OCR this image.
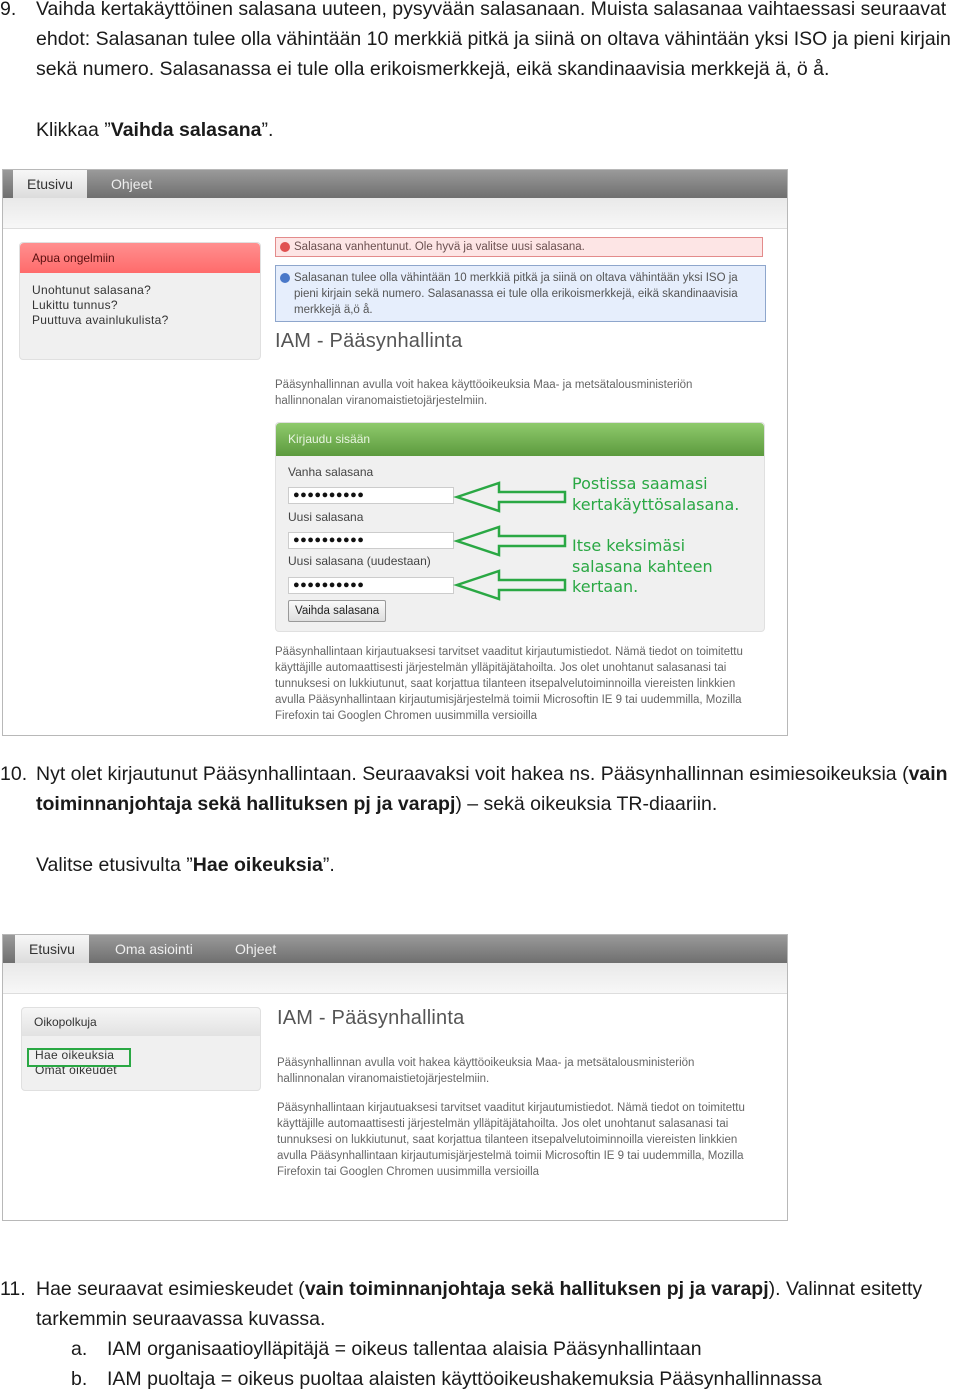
9. Vaihda kertakäyttöinen salasana uuteen, pysyvään salasanaan. Muista salasanaa vaihtaessasi seuraavat
ehdot: Salasanan tulee olla vähintään 10 merkkiä pitkä ja siinä on oltava vähintään yksi ISO ja pieni kirjain
sekä numero. Salasanassa ei tule olla erikoismerkkejä, eikä skandinaavisia merkkejä ä, ö å.
Klikkaa ”Vaihda salasana”.
Etusivu	Ohjeet
Apua ongelmiin
Unohtunut salasana?
Lukittu tunnus?
Puuttuva avainlukulista?
Salasana vanhentunut. Ole hyvä ja valitse uusi salasana.
Salasanan tulee olla vähintään 10 merkkiä pitkä ja siinä on oltava vähintään yksi ISO ja pieni kirjain sekä numero. Salasanassa ei tule olla erikoismerkkejä, eikä skandinaavisia merkkejä ä,ö å.
IAM - Pääsynhallinta
Pääsynhallinnan avulla voit hakea käyttöoikeuksia Maa- ja metsätalousministeriön hallinnonalan viranomaistietojärjestelmiin.
Kirjaudu sisään
Vanha salasana
●●●●●●●●●●
Uusi salasana
●●●●●●●●●●
Uusi salasana (uudestaan)
●●●●●●●●●●
Vaihda salasana
Postissa saamasi kertakäyttösalasana.
Itse keksimäsi salasana kahteen kertaan.
Pääsynhallintaan kirjautuaksesi tarvitset vaaditut kirjautumistiedot. Nämä tiedot on toimitettu käyttäjille automaattisesti järjestelmän ylläpitäjätahoilta. Jos olet unohtanut salasanasi tai tunnuksesi on lukkiutunut, saat korjattua tilanteen itsepalvelutoiminnoilla viereisten linkkien avulla Pääsynhallintaan kirjautumisjärjestelmä toimii Microsoftin IE 9 tai uudemmilla, Mozilla Firefoxin tai Googlen Chromen uusimmilla versioilla
10. Nyt olet kirjautunut Pääsynhallintaan. Seuraavaksi voit hakea ns. Pääsynhallinnan esimiesoikeuksia (vain
toiminnanjohtaja sekä hallituksen pj ja varapj) – sekä oikeuksia TR-diaariin.
Valitse etusivulta ”Hae oikeuksia”.
Etusivu	Oma asiointi	Ohjeet
Oikopolkuja
Hae oikeuksia
Omat oikeudet
IAM - Pääsynhallinta
Pääsynhallinnan avulla voit hakea käyttöoikeuksia Maa- ja metsätalousministeriön hallinnonalan viranomaistietojärjestelmiin.
Pääsynhallintaan kirjautuaksesi tarvitset vaaditut kirjautumistiedot. Nämä tiedot on toimitettu käyttäjille automaattisesti järjestelmän ylläpitäjätahoilta. Jos olet unohtanut salasanasi tai tunnuksesi on lukkiutunut, saat korjattua tilanteen itsepalvelutoiminnoilla viereisten linkkien avulla Pääsynhallintaan kirjautumisjärjestelmä toimii Microsoftin IE 9 tai uudemmilla, Mozilla Firefoxin tai Googlen Chromen uusimmilla versioilla
11. Hae seuraavat esimieskeudet (vain toiminnanjohtaja sekä hallituksen pj ja varapj). Valinnat esitetty
tarkemmin seuraavassa kuvassa.
a. IAM organisaatioylläpitäjä = oikeus tallentaa alaisia Pääsynhallintaan
b. IAM puoltaja = oikeus puoltaa alaisten käyttöoikeushakemuksia Pääsynhallinnassa
